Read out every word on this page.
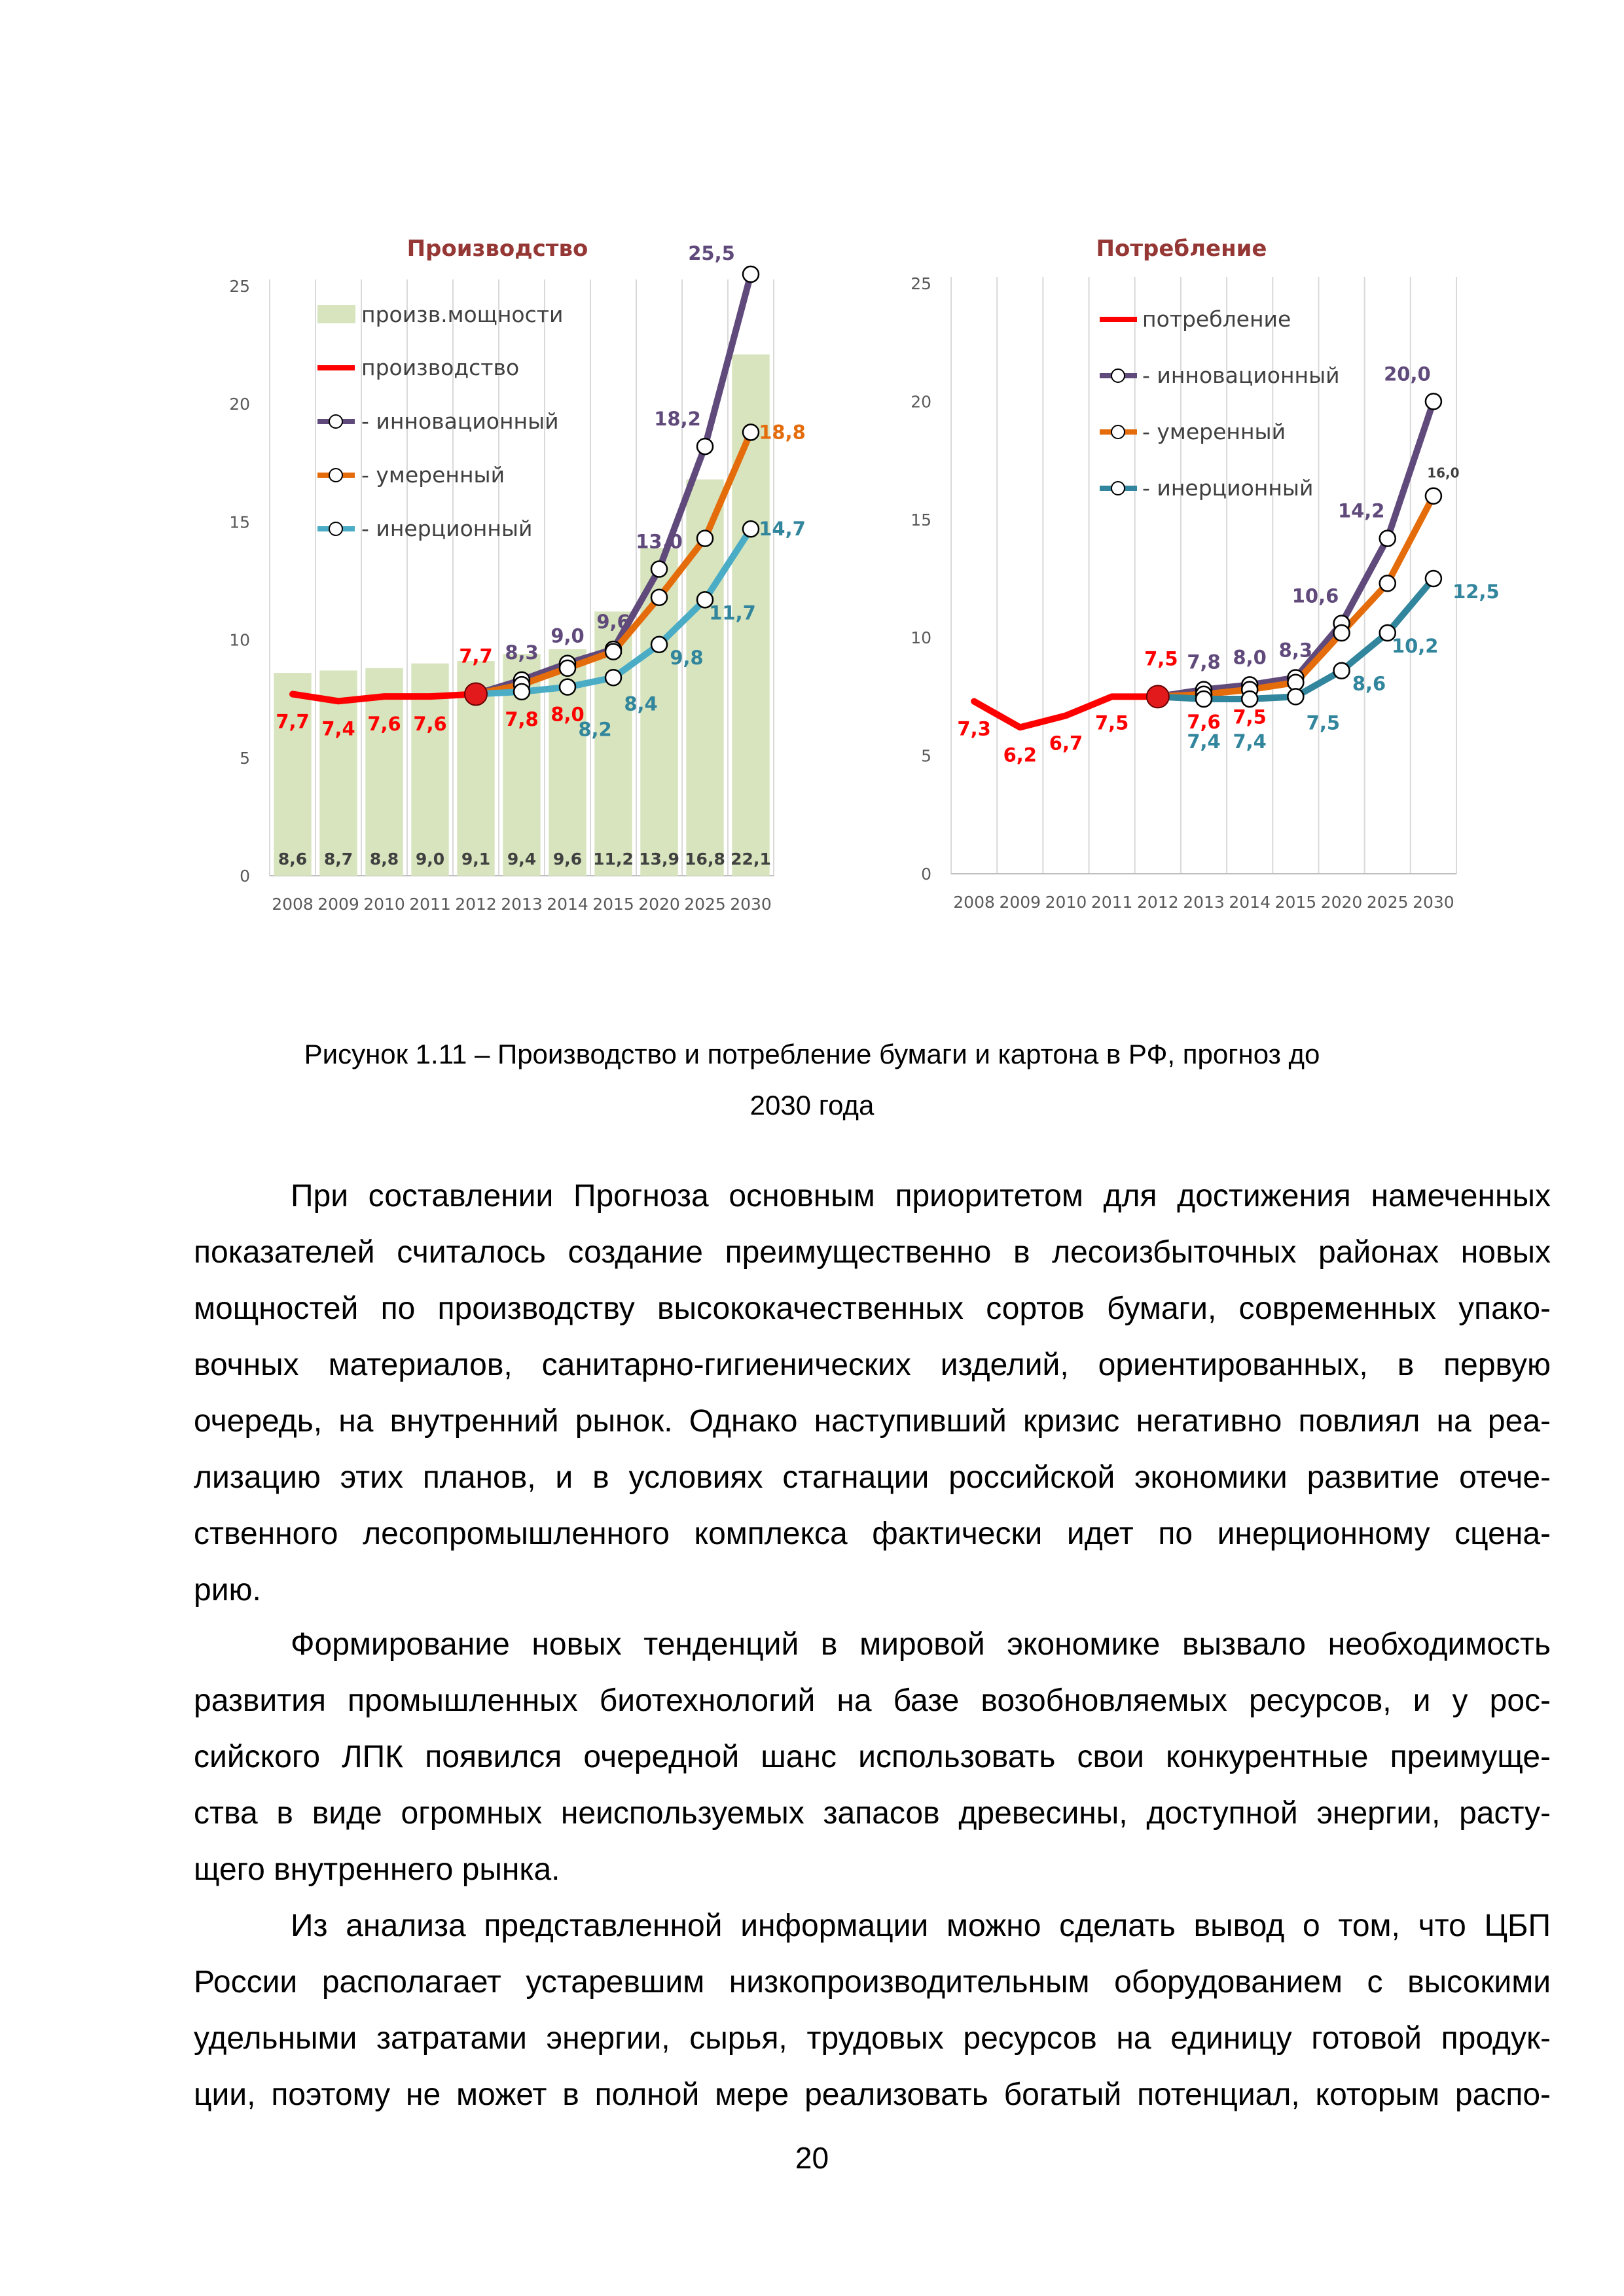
Производство
0
5
10
15
20
25
2008 2009 2010 2011 2012 2013 2014 2015 2020 2025 2030
8,6 8,7 8,8 9,0 9,1 9,4 9,6 11,2 13,9 16,8 22,1
7,7 7,4 7,6 7,6
7,7 8,3
9,0
9,6
13,0
18,2
25,5
18,8
7,8 8,0 8,4
9,8
11,7
14,7
8,2
произв.мощности
производство
- инновационный
- умеренный
- инерционный
Потребление
0
5
10
15
20
25
2008 2009 2010 2011 2012 2013 2014 2015 2020 2025 2030
7,3
6,2
6,7
7,5
7,5 7,8 8,0 8,3
10,6
14,2
20,0
7,6 7,5
16,0
7,4 7,4
7,5
8,6
10,2
12,5
потребление
- инновационный
- умеренный
- инерционный
Рисунок 1.11 – Производство и потребление бумаги и картона в РФ, прогноз до
2030 года

При составлении Прогноза основным приоритетом для достижения намеченных
показателей считалось создание преимущественно в лесоизбыточных районах новых
мощностей по производству высококачественных сортов бумаги, современных упако-
вочных материалов, санитарно-гигиенических изделий, ориентированных, в первую
очередь, на внутренний рынок. Однако наступивший кризис негативно повлиял на реа-
лизацию этих планов, и в условиях стагнации российской экономики развитие отече-
ственного лесопромышленного комплекса фактически идет по инерционному сцена-
рию.

Формирование новых тенденций в мировой экономике вызвало необходимость
развития промышленных биотехнологий на базе возобновляемых ресурсов, и у рос-
сийского ЛПК появился очередной шанс использовать свои конкурентные преимуще-
ства в виде огромных неиспользуемых запасов древесины, доступной энергии, расту-
щего внутреннего рынка.

Из анализа представленной информации можно сделать вывод о том, что ЦБП
России располагает устаревшим низкопроизводительным оборудованием с высокими
удельными затратами энергии, сырья, трудовых ресурсов на единицу готовой продук-
ции, поэтому не может в полной мере реализовать богатый потенциал, которым распо-

20
